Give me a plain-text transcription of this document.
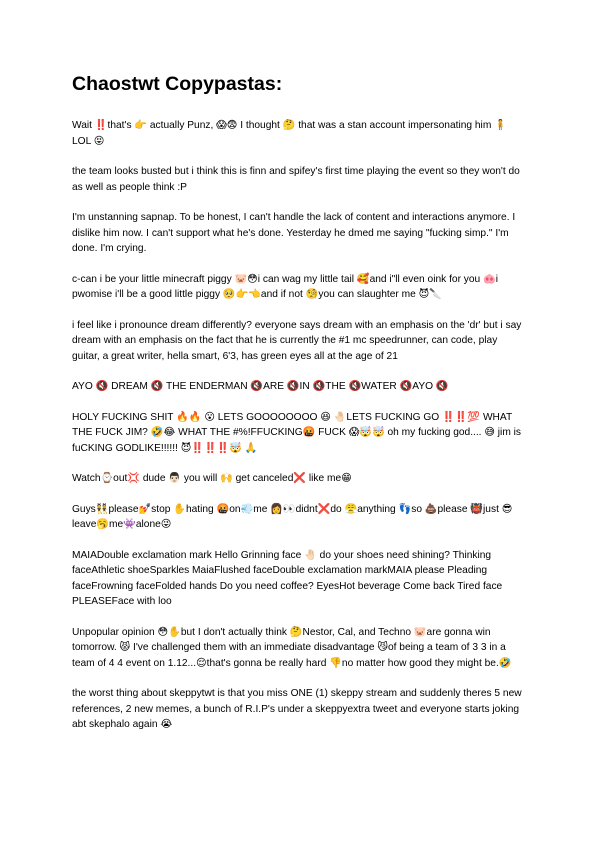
Chaostwt Copypastas:

Wait ‼️that's 👉 actually Punz, 😱😨 I thought 🤔 that was a stan account impersonating him 🧍LOL 😝

the team looks busted but i think this is finn and spifey's first time playing the event so they won't do as well as people think :P

I'm unstanning sapnap. To be honest, I can't handle the lack of content and interactions anymore. I dislike him now. I can't support what he's done. Yesterday he dmed me saying "fucking simp." I'm done. I'm crying.

c-can i be your little minecraft piggy 🐷😳i can wag my little tail 🥰and i"ll even oink for you 🐽i pwomise i'll be a good little piggy 🥺👉👈and if not 🧐you can slaughter me 😈🔪

i feel like i pronounce dream differently? everyone says dream with an emphasis on the 'dr' but i say dream with an emphasis on the fact that he is currently the #1 mc speedrunner, can code, play guitar, a great writer, hella smart, 6'3, has green eyes all at the age of 21

AYO 🔇 DREAM 🔇 THE ENDERMAN 🔇ARE 🔇IN 🔇THE 🔇WATER 🔇AYO 🔇

HOLY FUCKING SHIT 🔥🔥 😮 LETS GOOOOOOOO 😆 🤚🏻LETS FUCKING GO ‼️‼️💯 WHAT THE FUCK JIM? 🤣😂 WHAT THE #%!FFUCKING🤬 FUCK 😱🤯🤯 oh my fucking god.... 😅 jim is fuCKING GODLIKE!!!!!! 😈‼️‼️‼️🤯 🙏

Watch⌚out💢 dude 👨🏻 you will 🙌 get canceled❌ like me😁

Guys👯please💅stop ✋hating 🤬on💨me 👩👀didnt❌do 😤anything 👣so 💩please 👹just 😎leave🥱me👾alone😜

MAIADouble exclamation mark Hello Grinning face 🤚🏻 do your shoes need shining? Thinking faceAthletic shoeSparkles MaiaFlushed faceDouble exclamation markMAIA please Pleading faceFrowning faceFolded hands Do you need coffee? EyesHot beverage Come back Tired face PLEASEFace with loo

Unpopular opinion 😳✋but I don't actually think 🤔Nestor, Cal, and Techno 🐷are gonna win tomorrow. 😾 I've challenged them with an immediate disadvantage 😼of being a team of 3 3 in a team of 4 4 event on 1.12...😌that's gonna be really hard 👎no matter how good they might be.🤣

the worst thing about skeppytwt is that you miss ONE (1) skeppy stream and suddenly theres 5 new references, 2 new memes, a bunch of R.I.P's under a skeppyextra tweet and everyone starts joking abt skephalo again 😭
